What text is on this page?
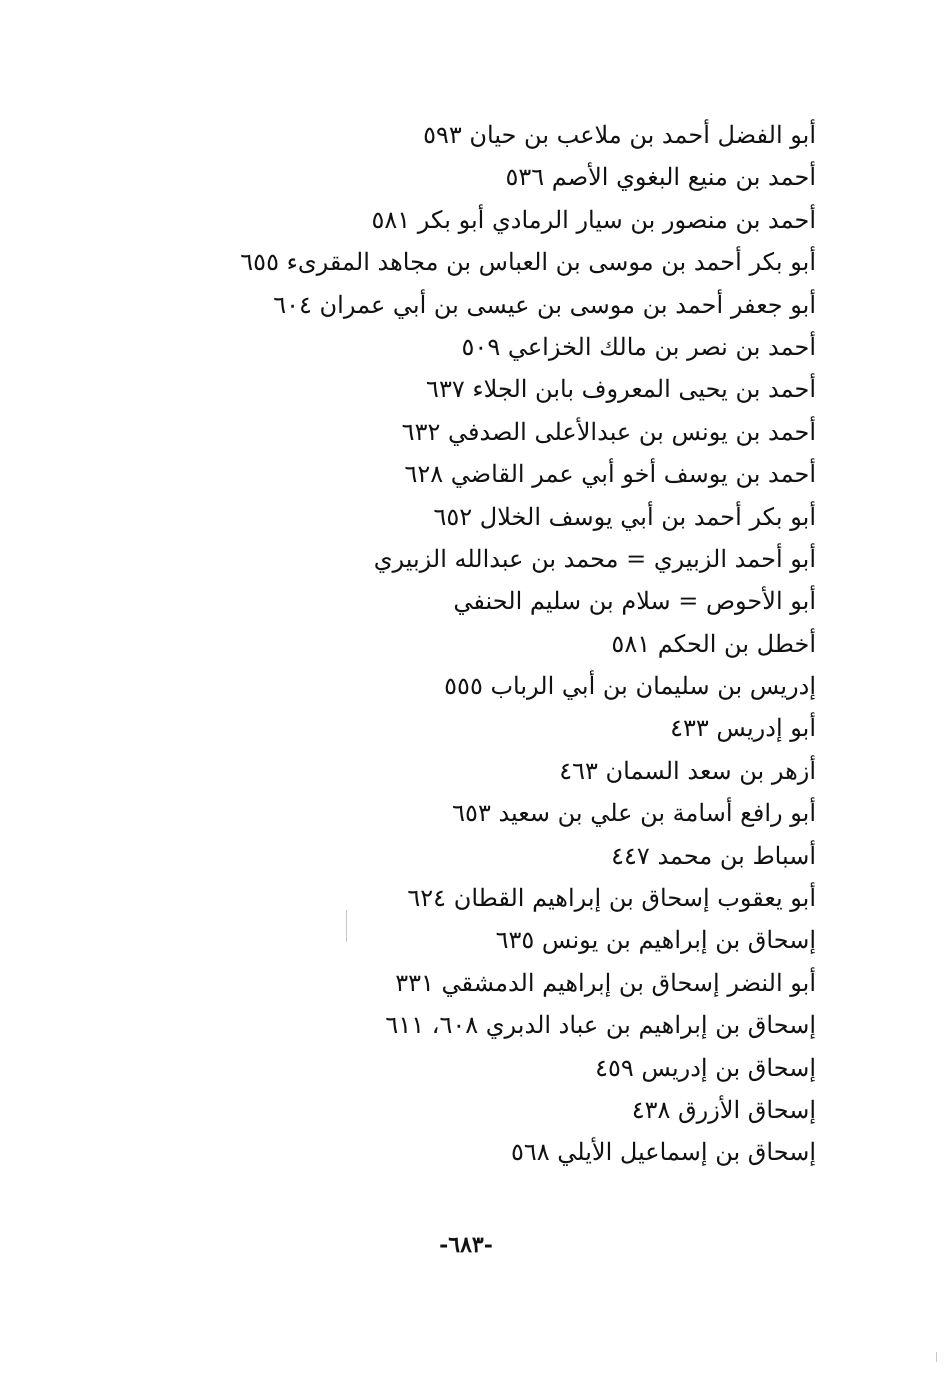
أبو الفضل أحمد بن ملاعب بن حيان ٥٩٣
أحمد بن منيع البغوي الأصم ٥٣٦
أحمد بن منصور بن سيار الرمادي أبو بكر ٥٨١
أبو بكر أحمد بن موسى بن العباس بن مجاهد المقرىء ٦٥٥
أبو جعفر أحمد بن موسى بن عيسى بن أبي عمران ٦٠٤
أحمد بن نصر بن مالك الخزاعي ٥٠٩
أحمد بن يحيى المعروف بابن الجلاء ٦٣٧
أحمد بن يونس بن عبدالأعلى الصدفي ٦٣٢
أحمد بن يوسف أخو أبي عمر القاضي ٦٢٨
أبو بكر أحمد بن أبي يوسف الخلال ٦٥٢
أبو أحمد الزبيري = محمد بن عبدالله الزبيري
أبو الأحوص = سلام بن سليم الحنفي
أخطل بن الحكم ٥٨١
إدريس بن سليمان بن أبي الرباب ٥٥٥
أبو إدريس ٤٣٣
أزهر بن سعد السمان ٤٦٣
أبو رافع أسامة بن علي بن سعيد ٦٥٣
أسباط بن محمد ٤٤٧
أبو يعقوب إسحاق بن إبراهيم القطان ٦٢٤
إسحاق بن إبراهيم بن يونس ٦٣٥
أبو النضر إسحاق بن إبراهيم الدمشقي ٣٣١
إسحاق بن إبراهيم بن عباد الدبري ٦٠٨، ٦١١
إسحاق بن إدريس ٤٥٩
إسحاق الأزرق ٤٣٨
إسحاق بن إسماعيل الأيلي ٥٦٨
-٦٨٣-
